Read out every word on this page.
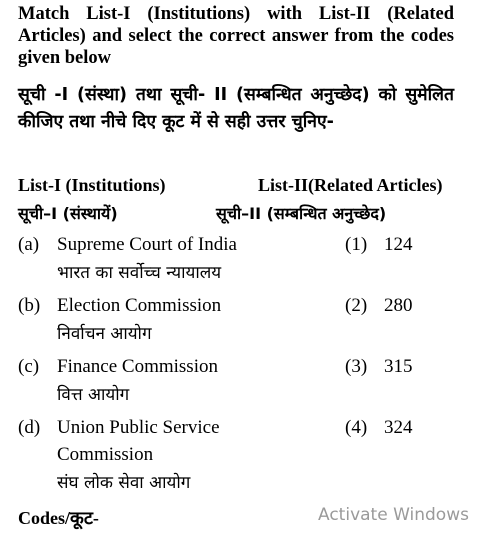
Match List-I (Institutions) with List-II (Related Articles) and select the correct answer from the codes given below
सूची -I (संस्था) तथा सूची- II (सम्बन्धित अनुच्छेद) को सुमेलित कीजिए तथा नीचे दिए कूट में से सही उत्तर चुनिए-
List-I (Institutions)	List-II(Related Articles)
सूची–I (संस्थायें)	सूची–II (सम्बन्धित अनुच्छेद)
(a) Supreme Court of India
भारत का सर्वोच्च न्यायालय
(1) 124
(b) Election Commission
निर्वाचन आयोग
(2) 280
(c) Finance Commission
वित्त आयोग
(3) 315
(d) Union Public Service
Commission
संघ लोक सेवा आयोग
(4) 324
Codes/कूट-	Activate Windows
